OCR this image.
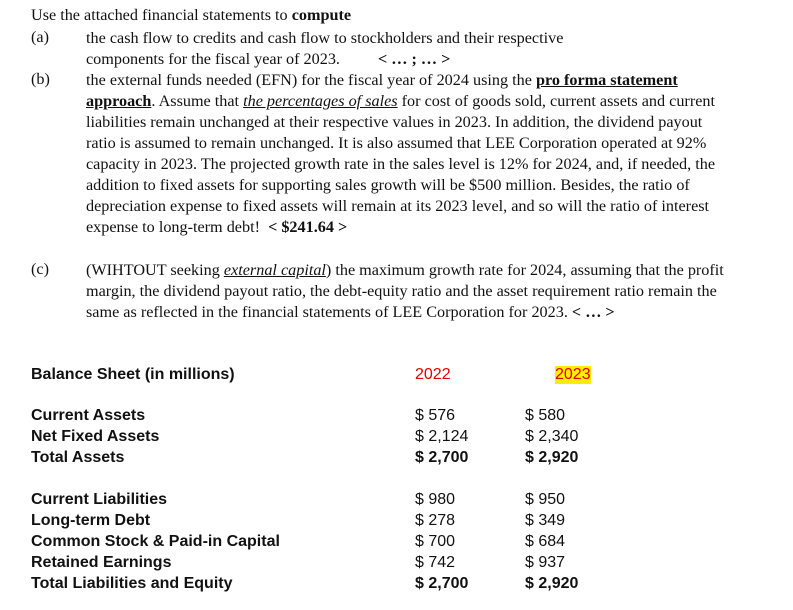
Use the attached financial statements to compute
(a) the cash flow to credits and cash flow to stockholders and their respective
components for the fiscal year of 2023. < … ; … >
(b) the external funds needed (EFN) for the fiscal year of 2024 using the pro forma statement approach. Assume that the percentages of sales for cost of goods sold, current assets and current liabilities remain unchanged at their respective values in 2023. In addition, the dividend payout ratio is assumed to remain unchanged. It is also assumed that LEE Corporation operated at 92% capacity in 2023. The projected growth rate in the sales level is 12% for 2024, and, if needed, the addition to fixed assets for supporting sales growth will be $500 million. Besides, the ratio of depreciation expense to fixed assets will remain at its 2023 level, and so will the ratio of interest expense to long-term debt! < $241.64 >
(c) (WIHTOUT seeking external capital) the maximum growth rate for 2024, assuming that the profit margin, the dividend payout ratio, the debt-equity ratio and the asset requirement ratio remain the same as reflected in the financial statements of LEE Corporation for 2023. < … >
Balance Sheet (in millions)	2022	2023
Current Assets	$ 576	$ 580
Net Fixed Assets	$ 2,124	$ 2,340
Total Assets	$ 2,700	$ 2,920
Current Liabilities	$ 980	$ 950
Long-term Debt	$ 278	$ 349
Common Stock & Paid-in Capital	$ 700	$ 684
Retained Earnings	$ 742	$ 937
Total Liabilities and Equity	$ 2,700	$ 2,920
